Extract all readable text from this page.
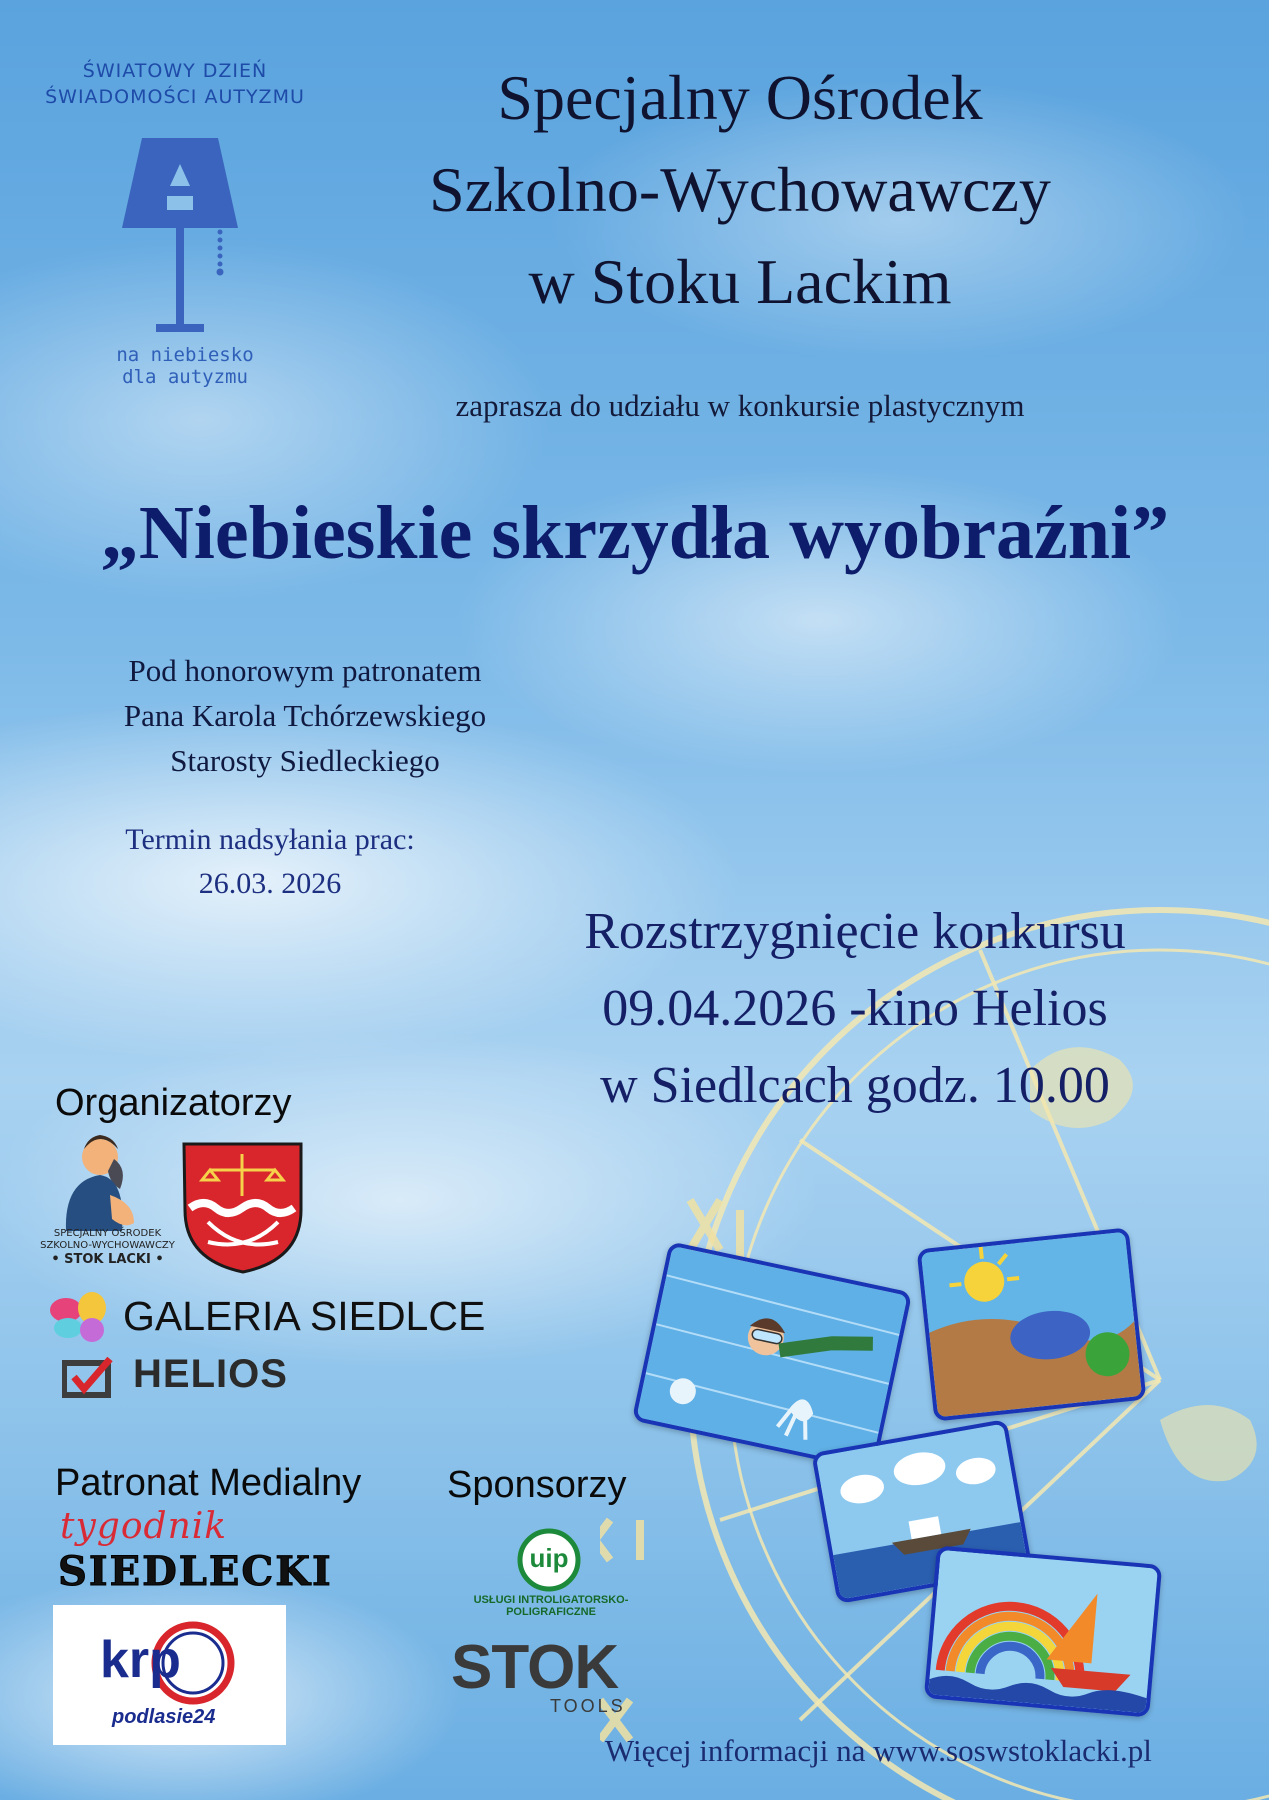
ŚWIATOWY DZIEŃ
ŚWIADOMOŚCI AUTYZMU
na niebiesko
dla autyzmu
Specjalny Ośrodek
Szkolno-Wychowawczy
w Stoku Lackim
zaprasza do udziału w konkursie plastycznym
„Niebieskie skrzydła wyobraźni”
Pod honorowym patronatem
Pana Karola Tchórzewskiego
Starosty Siedleckiego
Termin nadsyłania prac:
26.03. 2026
Rozstrzygnięcie konkursu
09.04.2026 -kino Helios
w Siedlcach godz. 10.00
Organizatorzy
SPECJALNY OŚRODEK
SZKOLNO-WYCHOWAWCZY
• STOK LACKI •
GALERIA SIEDLCE
HELIOS
Patronat Medialny
tygodnik
SIEDLECKI
krp
podlasie24
Sponsorzy
uip
USŁUGI INTROLIGATORSKO-POLIGRAFICZNE
STOK
TOOLS
Więcej informacji na www.soswstoklacki.pl
